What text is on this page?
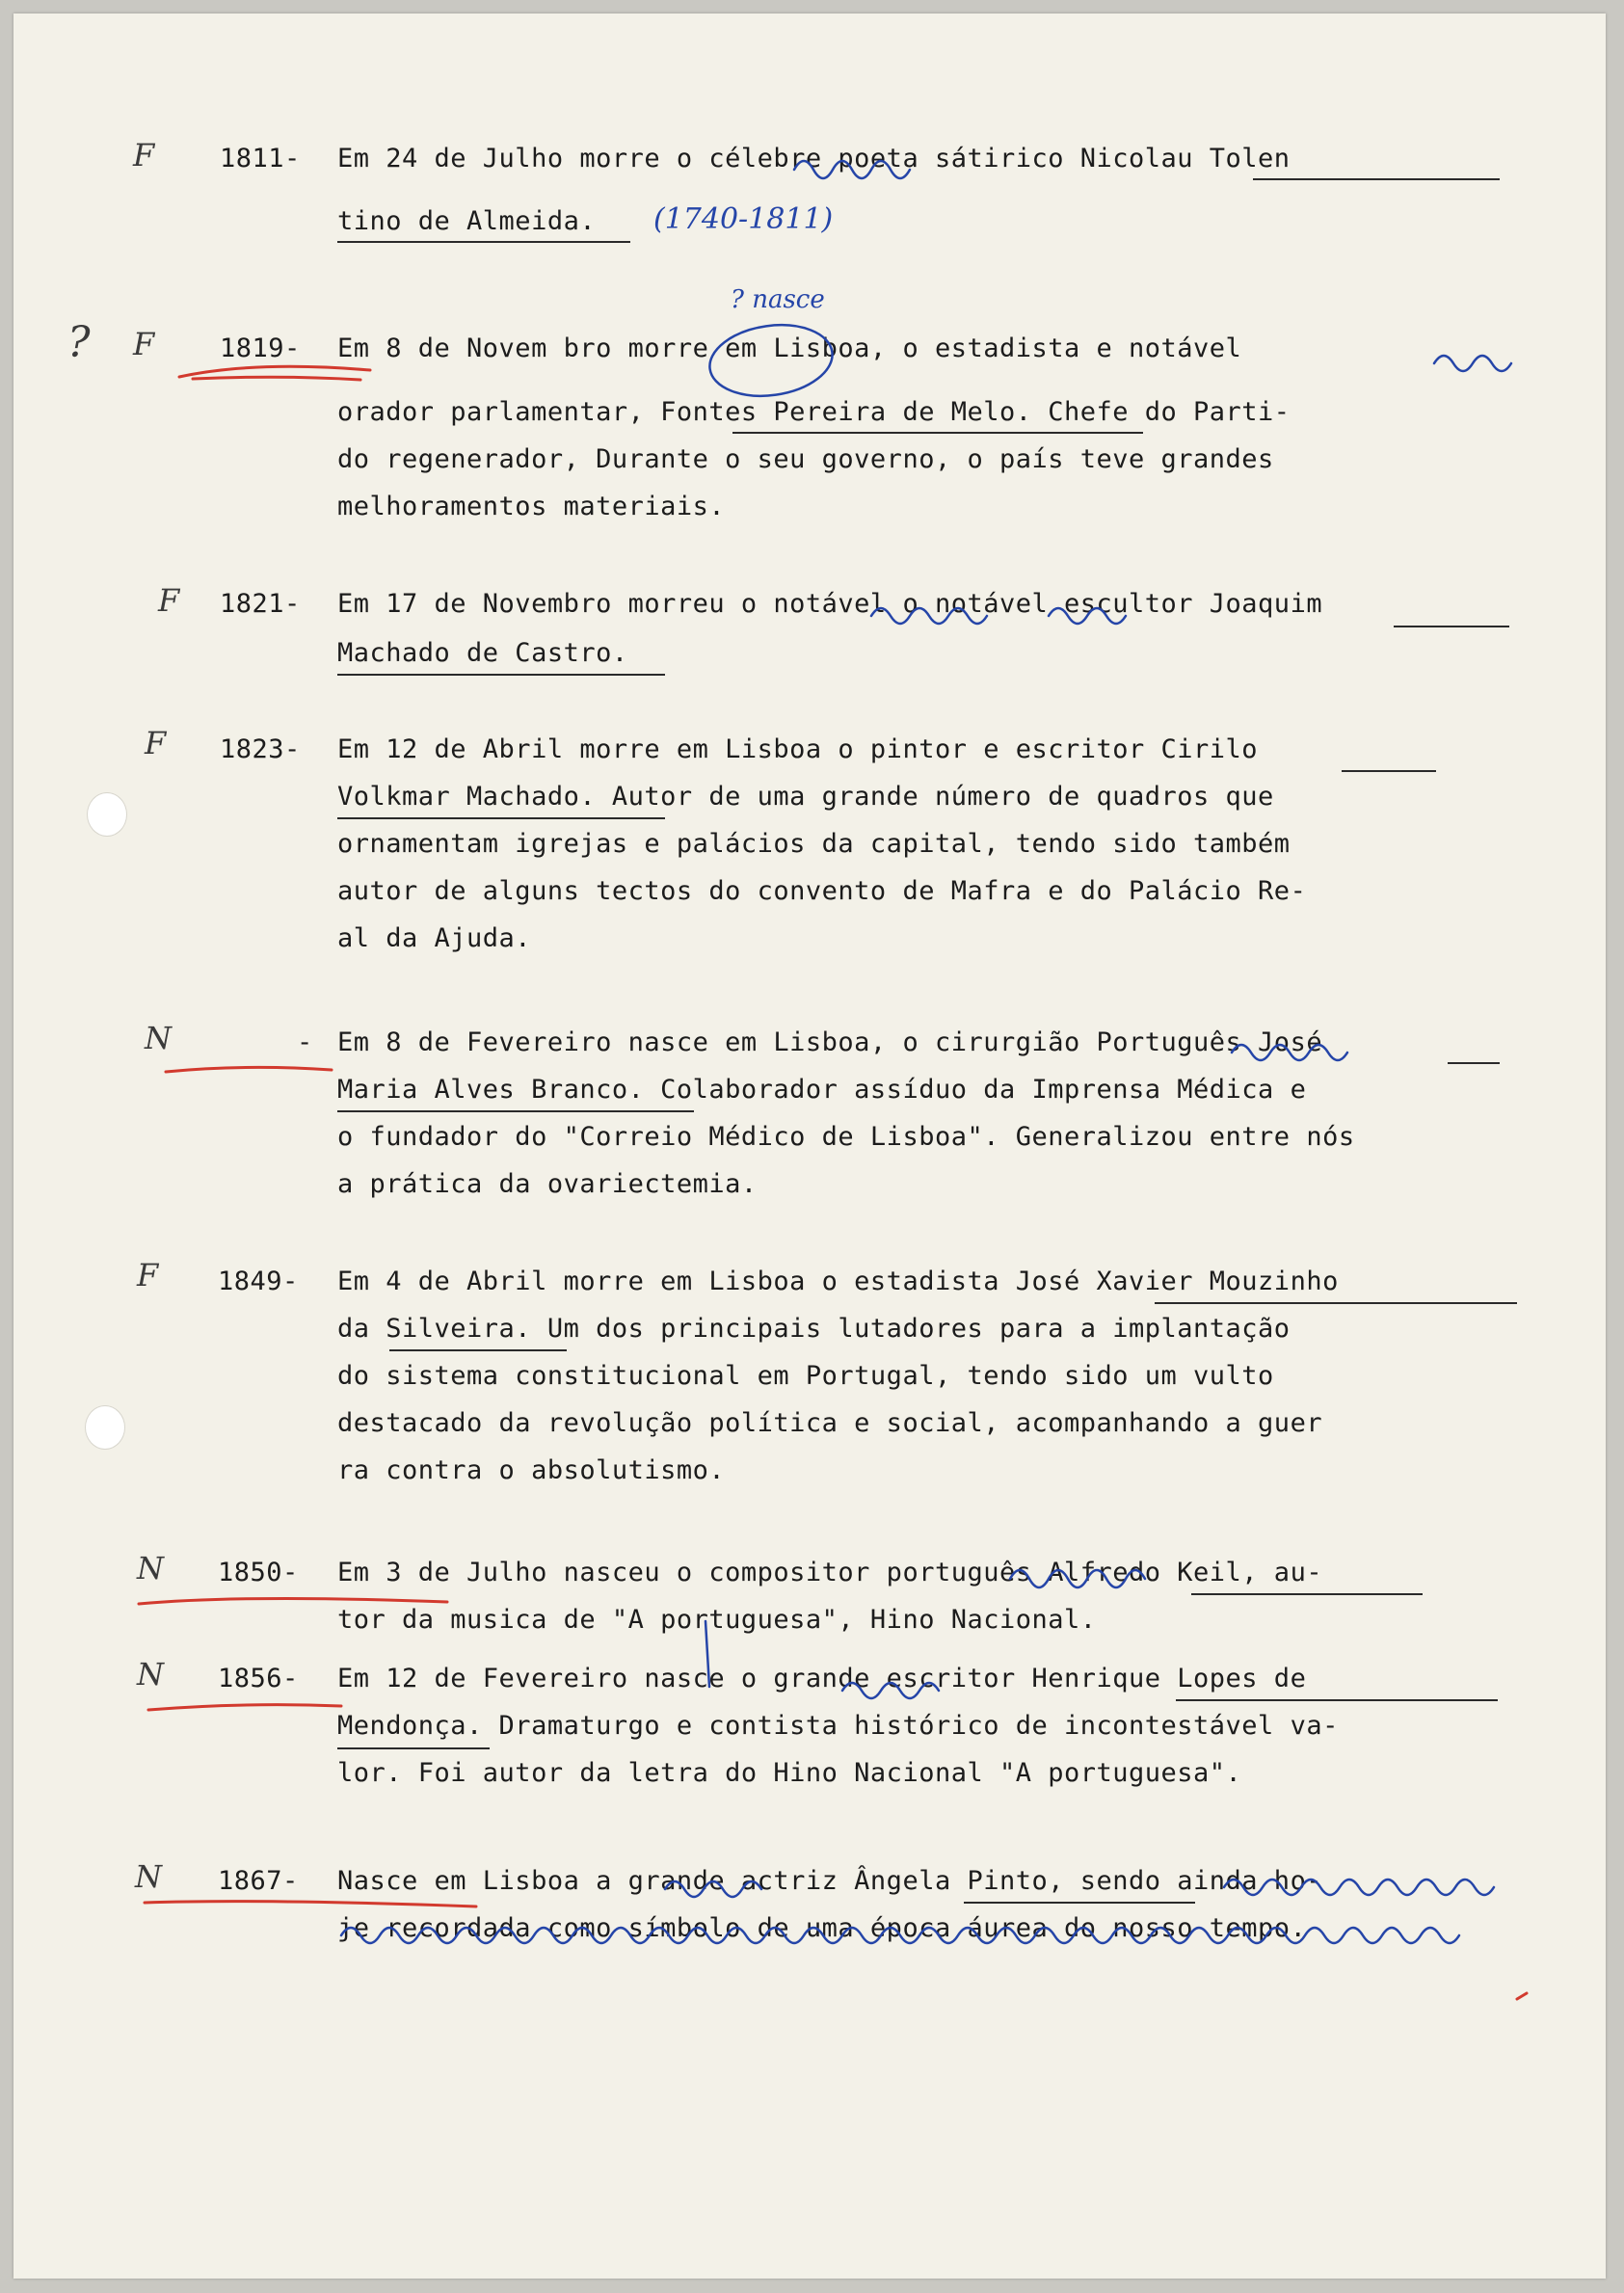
F	1811- Em 24 de Julho morre o célebre poeta sátirico Nicolau Tolen
tino de Almeida. (1740-1811)
? F	1819- Em 8 de Novem bro morre em Lisboa, o estadista e notável
orador parlamentar, Fontes Pereira de Melo. Chefe do Parti-
do regenerador, Durante o seu governo, o país teve grandes
melhoramentos materiais.
? nasce
F 1821- Em 17 de Novembro morreu o notável o notável escultor Joaquim
Machado de Castro.
F 1823- Em 12 de Abril morre em Lisboa o pintor e escritor Cirilo
Volkmar Machado. Autor de uma grande número de quadros que
ornamentam igrejas e palácios da capital, tendo sido também
autor de alguns tectos do convento de Mafra e do Palácio Re-
al da Ajuda.
N	- Em 8 de Fevereiro nasce em Lisboa, o cirurgião Português José
Maria Alves Branco. Colaborador assíduo da Imprensa Médica e
o fundador do "Correio Médico de Lisboa". Generalizou entre nós
a prática da ovariectemia.
F 1849- Em 4 de Abril morre em Lisboa o estadista José Xavier Mouzinho
da Silveira. Um dos principais lutadores para a implantação
do sistema constitucional em Portugal, tendo sido um vulto
destacado da revolução política e social, acompanhando a guer
ra contra o absolutismo.
N 1850- Em 3 de Julho nasceu o compositor português Alfredo Keil, au-
tor da musica de "A portuguesa", Hino Nacional.
N 1856- Em 12 de Fevereiro nasce o grande escritor Henrique Lopes de
Mendonça. Dramaturgo e contista histórico de incontestável va-
lor. Foi autor da letra do Hino Nacional "A portuguesa".
N 1867- Nasce em Lisboa a grande actriz Ângela Pinto, sendo ainda ho-
je recordada como símbolo de uma época áurea do nosso tempo.
